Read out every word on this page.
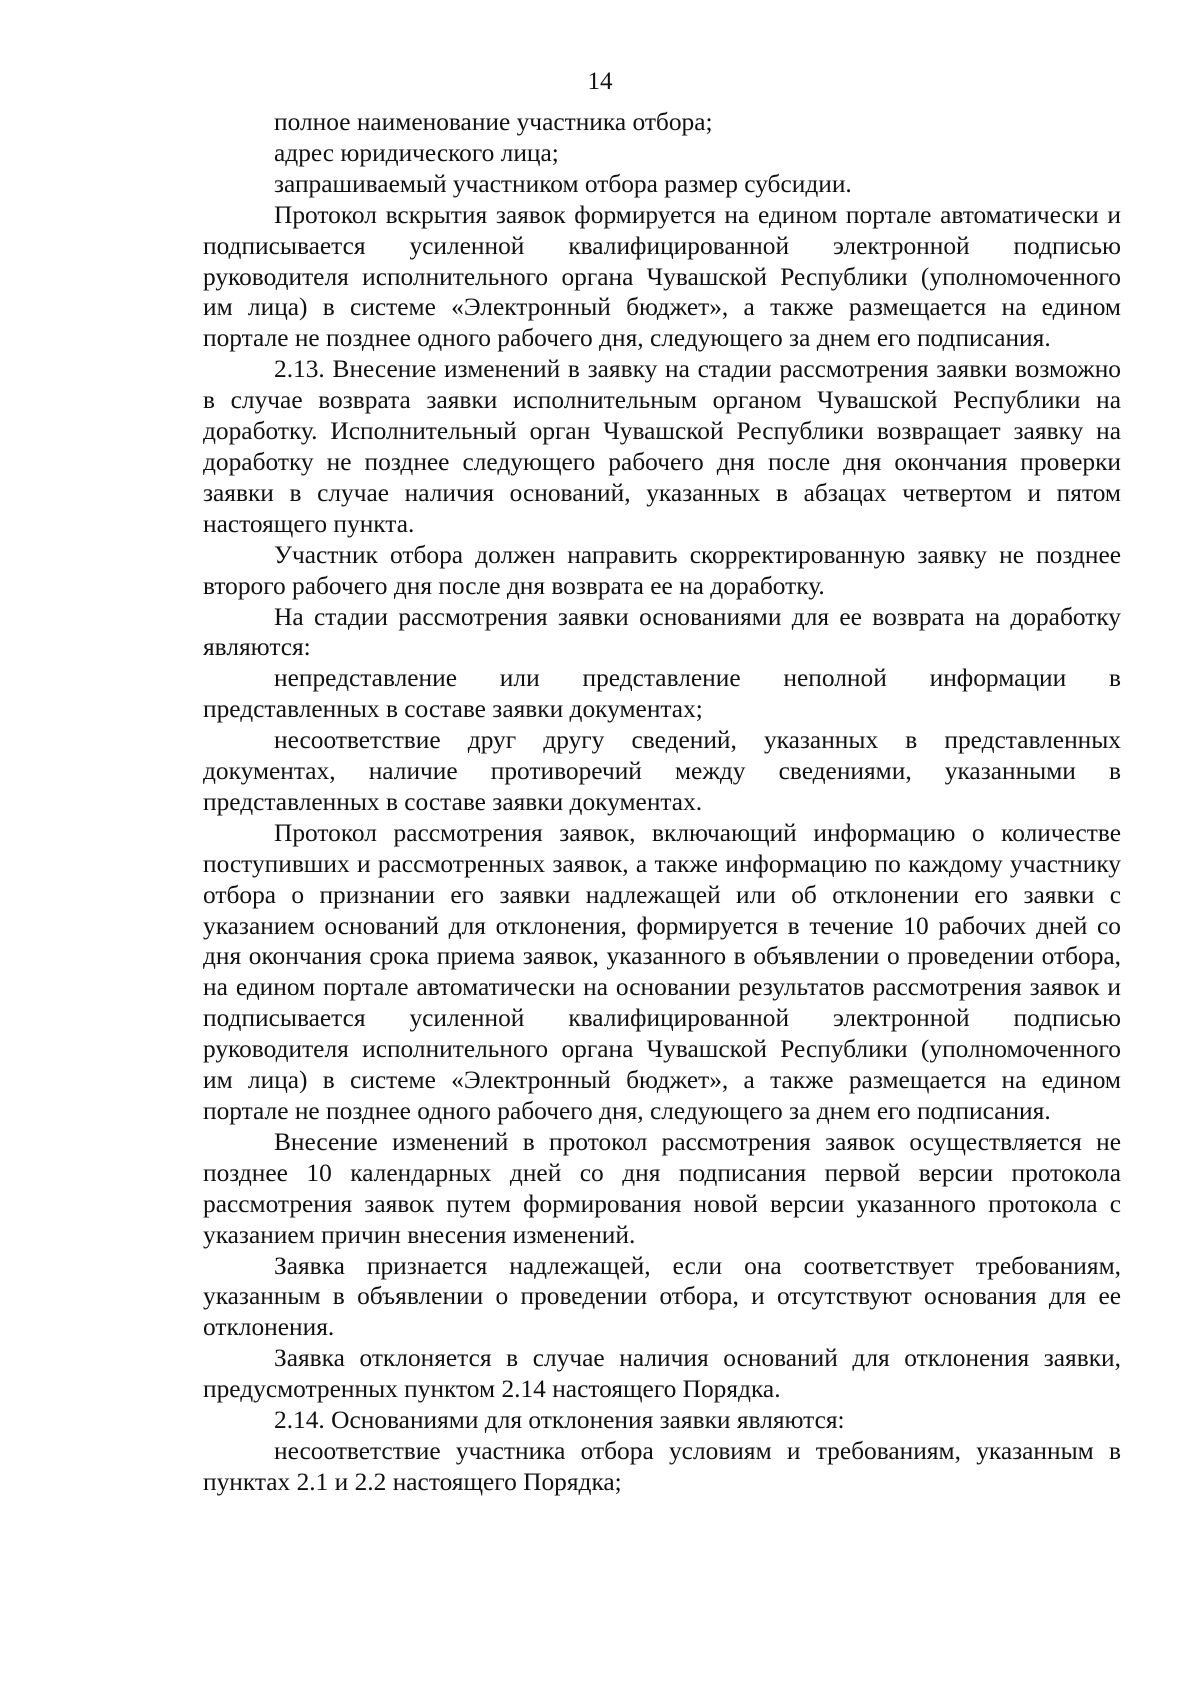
14

полное наименование участника отбора;

адрес юридического лица;

запрашиваемый участником отбора размер субсидии.

Протокол вскрытия заявок формируется на едином портале автоматически и подписывается усиленной квалифицированной электронной подписью руководителя исполнительного органа Чувашской Республики (уполномоченного им лица) в системе «Электронный бюджет», а также размещается на едином портале не позднее одного рабочего дня, следующего за днем его подписания.

2.13. Внесение изменений в заявку на стадии рассмотрения заявки возможно в случае возврата заявки исполнительным органом Чувашской Республики на доработку. Исполнительный орган Чувашской Республики возвращает заявку на доработку не позднее следующего рабочего дня после дня окончания проверки заявки в случае наличия оснований, указанных в абзацах четвертом и пятом настоящего пункта.

Участник отбора должен направить скорректированную заявку не позднее второго рабочего дня после дня возврата ее на доработку.

На стадии рассмотрения заявки основаниями для ее возврата на доработку являются:

непредставление или представление неполной информации в представленных в составе заявки документах;

несоответствие друг другу сведений, указанных в представленных документах, наличие противоречий между сведениями, указанными в представленных в составе заявки документах.

Протокол рассмотрения заявок, включающий информацию о количестве поступивших и рассмотренных заявок, а также информацию по каждому участнику отбора о признании его заявки надлежащей или об отклонении его заявки с указанием оснований для отклонения, формируется в течение 10 рабочих дней со дня окончания срока приема заявок, указанного в объявлении о проведении отбора, на едином портале автоматически на основании результатов рассмотрения заявок и подписывается усиленной квалифицированной электронной подписью руководителя исполнительного органа Чувашской Республики (уполномоченного им лица) в системе «Электронный бюджет», а также размещается на едином портале не позднее одного рабочего дня, следующего за днем его подписания.

Внесение изменений в протокол рассмотрения заявок осуществляется не позднее 10 календарных дней со дня подписания первой версии протокола рассмотрения заявок путем формирования новой версии указанного протокола с указанием причин внесения изменений.

Заявка признается надлежащей, если она соответствует требованиям, указанным в объявлении о проведении отбора, и отсутствуют основания для ее отклонения.

Заявка отклоняется в случае наличия оснований для отклонения заявки, предусмотренных пунктом 2.14 настоящего Порядка.

2.14. Основаниями для отклонения заявки являются:

несоответствие участника отбора условиям и требованиям, указанным в пунктах 2.1 и 2.2 настоящего Порядка;
